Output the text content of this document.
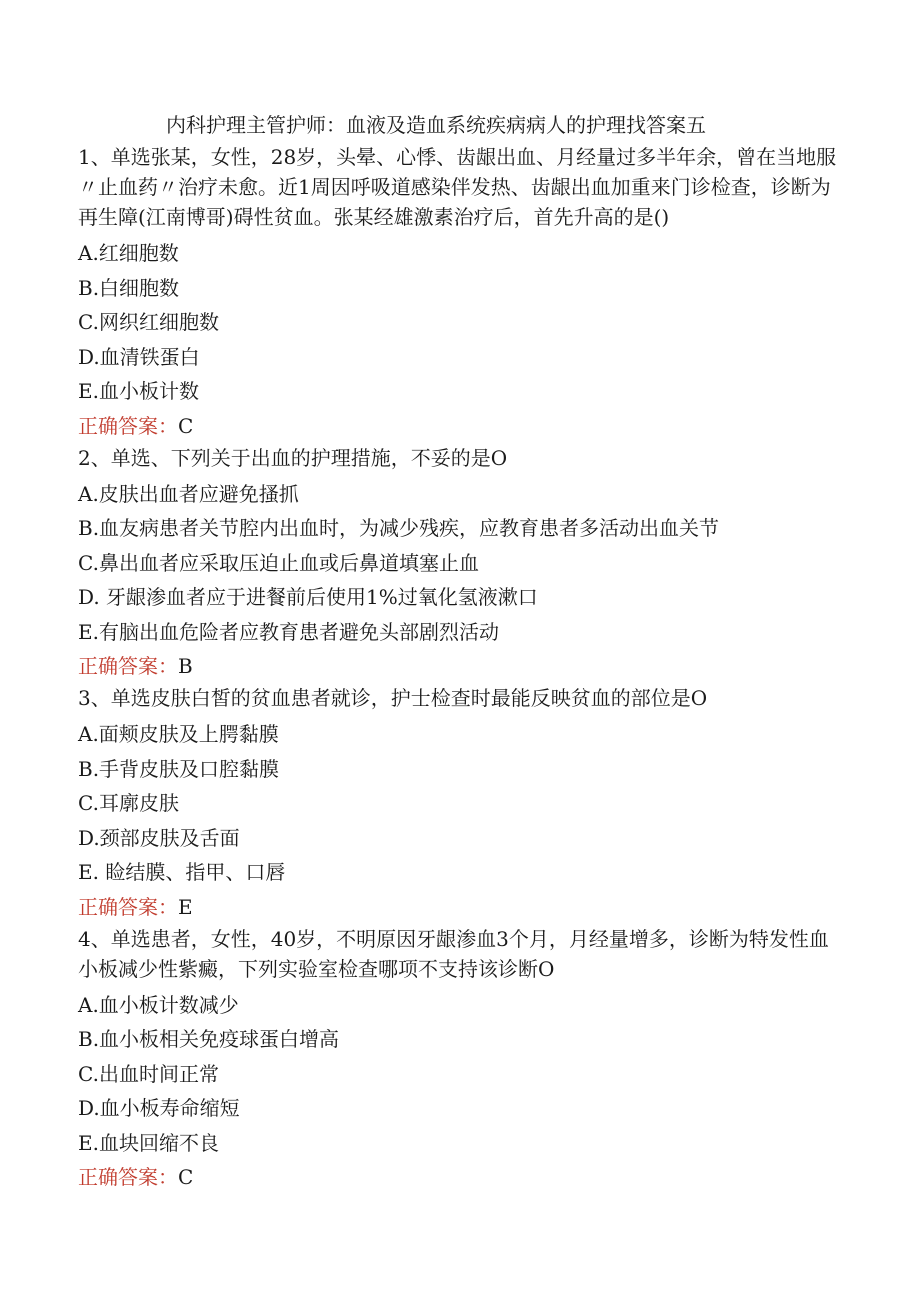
内科护理主管护师：血液及造血系统疾病病人的护理找答案五
1、单选张某，女性，28岁，头晕、心悸、齿龈出血、月经量过多半年余，曾在当地服〃止血药〃治疗未愈。近1周因呼吸道感染伴发热、齿龈出血加重来门诊检查，诊断为再生障(江南博哥)碍性贫血。张某经雄激素治疗后，首先升高的是()
A.红细胞数
B.白细胞数
C.网织红细胞数
D.血清铁蛋白
E.血小板计数
正确答案：C
2、单选、下列关于出血的护理措施，不妥的是O
A.皮肤出血者应避免搔抓
B.血友病患者关节腔内出血时，为减少残疾，应教育患者多活动出血关节
C.鼻出血者应采取压迫止血或后鼻道填塞止血
D. 牙龈渗血者应于进餐前后使用1%过氧化氢液漱口
E.有脑出血危险者应教育患者避免头部剧烈活动
正确答案：B
3、单选皮肤白皙的贫血患者就诊，护士检查时最能反映贫血的部位是O
A.面颊皮肤及上腭黏膜
B.手背皮肤及口腔黏膜
C.耳廓皮肤
D.颈部皮肤及舌面
E. 睑结膜、指甲、口唇
正确答案：E
4、单选患者，女性，40岁，不明原因牙龈渗血3个月，月经量增多，诊断为特发性血小板减少性紫癜，下列实验室检查哪项不支持该诊断O
A.血小板计数减少
B.血小板相关免疫球蛋白增高
C.出血时间正常
D.血小板寿命缩短
E.血块回缩不良
正确答案：C
